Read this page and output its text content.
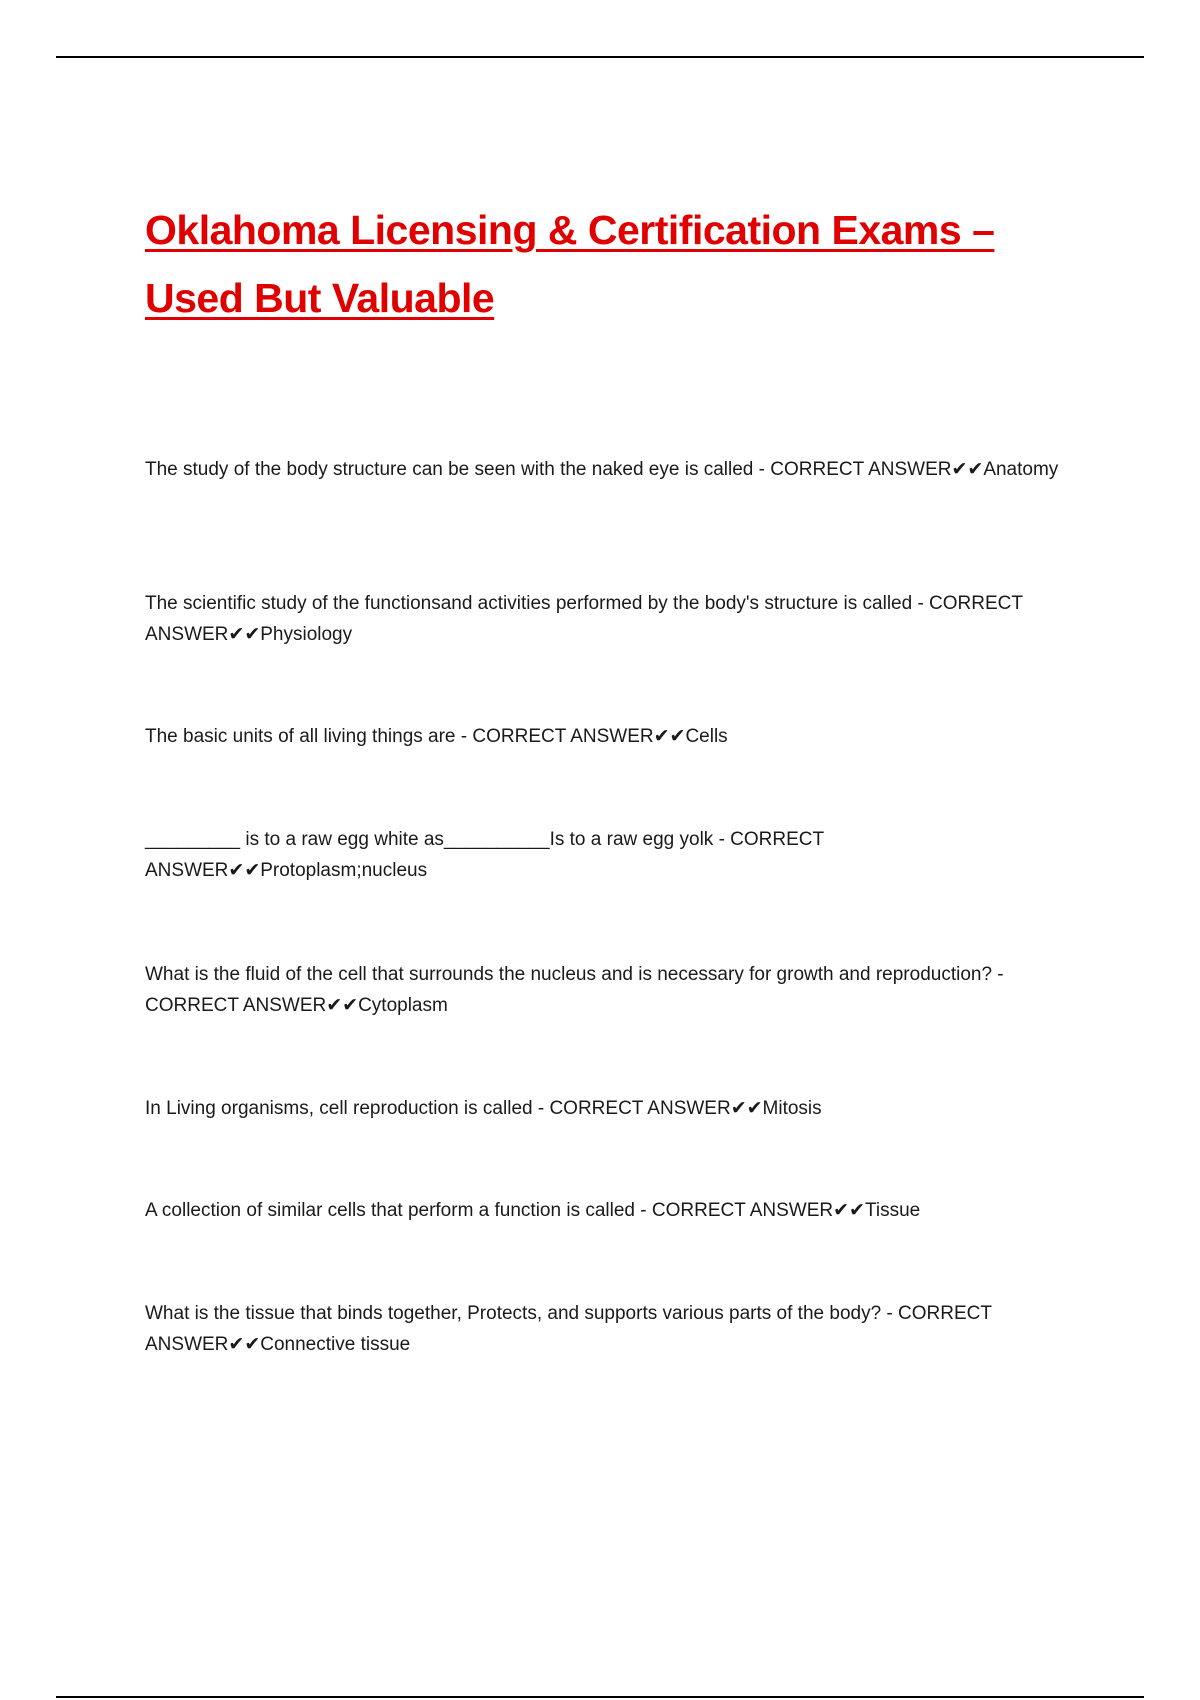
Oklahoma Licensing & Certification Exams –
Used But Valuable

The study of the body structure can be seen with the naked eye is called - CORRECT ANSWER✔✔Anatomy

The scientific study of the functionsand activities performed by the body's structure is called - CORRECT ANSWER✔✔Physiology

The basic units of all living things are - CORRECT ANSWER✔✔Cells

_________ is to a raw egg white as__________Is to a raw egg yolk - CORRECT ANSWER✔✔Protoplasm;nucleus

What is the fluid of the cell that surrounds the nucleus and is necessary for growth and reproduction? - CORRECT ANSWER✔✔Cytoplasm

In Living organisms, cell reproduction is called - CORRECT ANSWER✔✔Mitosis

A collection of similar cells that perform a function is called - CORRECT ANSWER✔✔Tissue

What is the tissue that binds together, Protects, and supports various parts of the body? - CORRECT ANSWER✔✔Connective tissue
